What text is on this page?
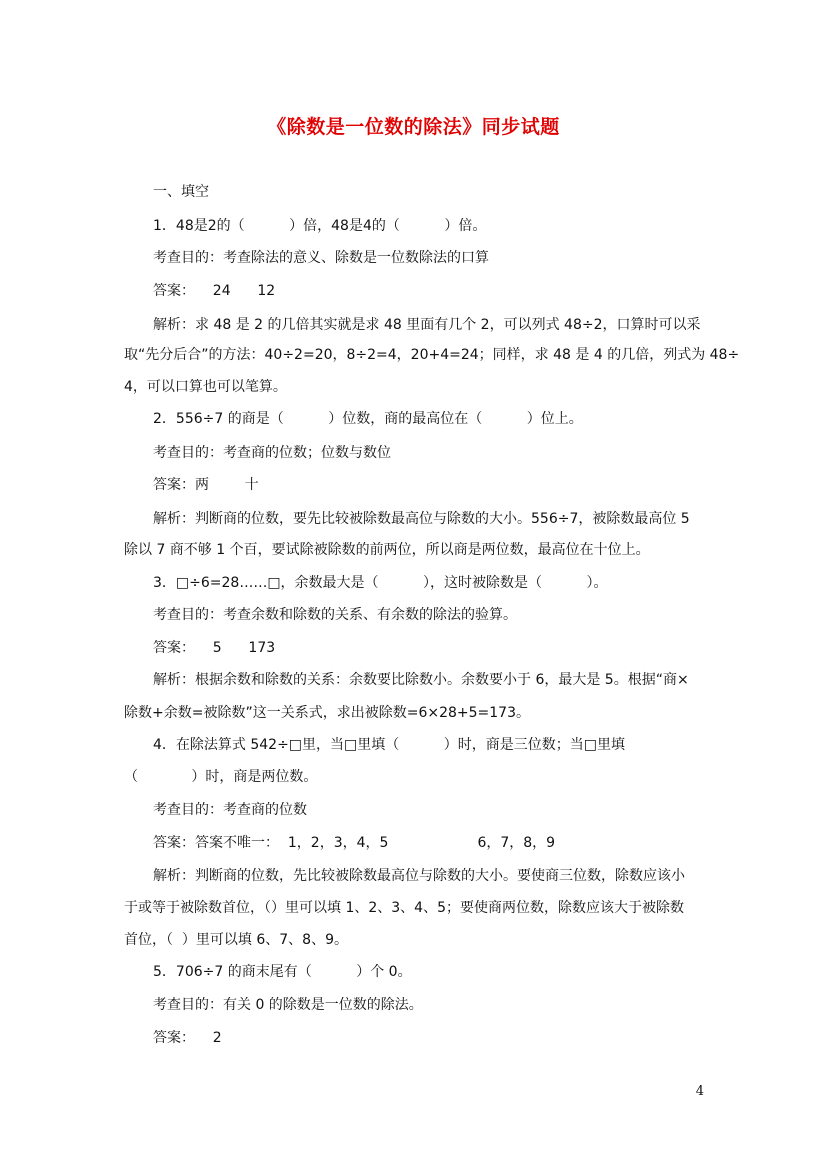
《除数是一位数的除法》同步试题
一、填空
1．48是2的（          ）倍，48是4的（          ）倍。
考查目的：考查除法的意义、除数是一位数除法的口算
答案：    24      12
解析：求 48 是 2 的几倍其实就是求 48 里面有几个 2，可以列式 48÷2，口算时可以采
取“先分后合”的方法：40÷2=20，8÷2=4，20+4=24；同样，求 48 是 4 的几倍，列式为 48÷
4，可以口算也可以笔算。
2．556÷7 的商是（          ）位数，商的最高位在（          ）位上。
考查目的：考查商的位数；位数与数位
答案：两        十
解析：判断商的位数，要先比较被除数最高位与除数的大小。556÷7，被除数最高位 5
除以 7 商不够 1 个百，要试除被除数的前两位，所以商是两位数，最高位在十位上。
3．□÷6=28……□，余数最大是（          ），这时被除数是（          ）。
考查目的：考查余数和除数的关系、有余数的除法的验算。
答案：    5      173
解析：根据余数和除数的关系：余数要比除数小。余数要小于 6，最大是 5。根据“商×
除数+余数=被除数”这一关系式，求出被除数=6×28+5=173。
4．在除法算式 542÷□里，当□里填（          ）时，商是三位数；当□里填
（            ）时，商是两位数。
考查目的：考查商的位数
答案：答案不唯一：  1，2，3，4，5                    6，7，8，9
解析：判断商的位数，先比较被除数最高位与除数的大小。要使商三位数，除数应该小
于或等于被除数首位，（）里可以填 1、2、3、4、5；要使商两位数，除数应该大于被除数
首位，（  ）里可以填 6、7、8、9。
5．706÷7 的商末尾有（          ）个 0。
考查目的：有关 0 的除数是一位数的除法。
答案：    2
4
